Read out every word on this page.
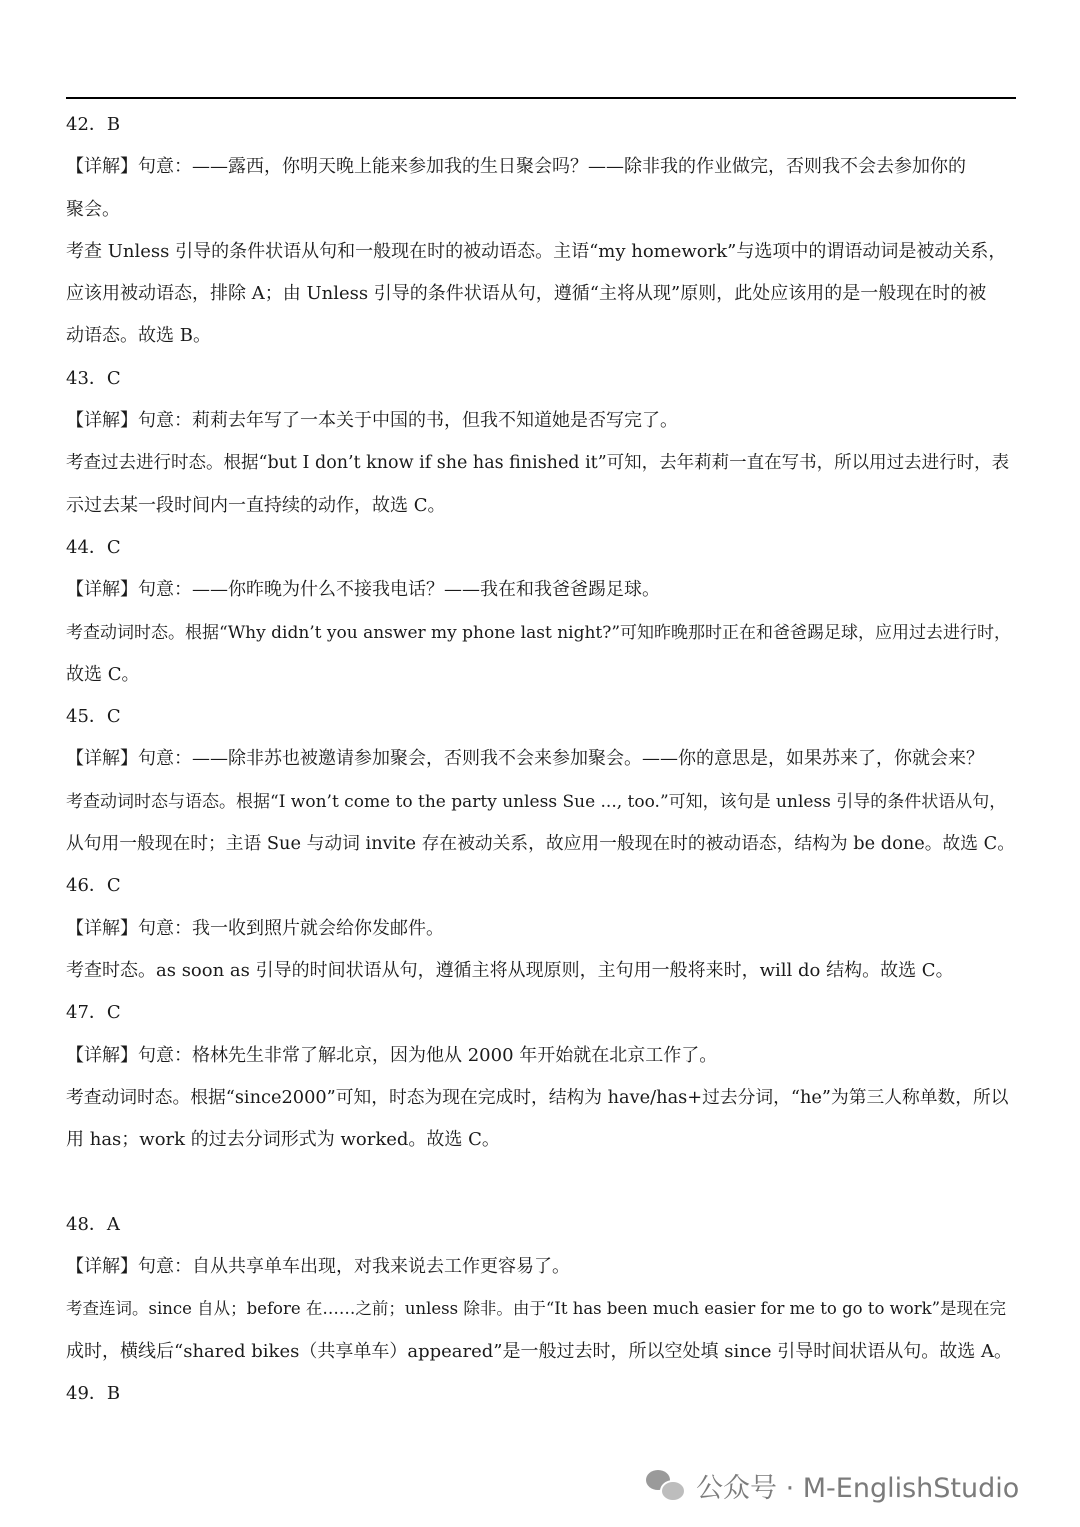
42．B
【详解】句意：——露西，你明天晚上能来参加我的生日聚会吗？——除非我的作业做完，否则我不会去参加你的
聚会。
考查 Unless 引导的条件状语从句和一般现在时的被动语态。主语“my homework”与选项中的谓语动词是被动关系，
应该用被动语态，排除 A；由 Unless 引导的条件状语从句，遵循“主将从现”原则，此处应该用的是一般现在时的被
动语态。故选 B。
43．C
【详解】句意：莉莉去年写了一本关于中国的书，但我不知道她是否写完了。
考查过去进行时态。根据“but I don’t know if she has finished it”可知，去年莉莉一直在写书，所以用过去进行时，表
示过去某一段时间内一直持续的动作，故选 C。
44．C
【详解】句意：——你昨晚为什么不接我电话？——我在和我爸爸踢足球。
考查动词时态。根据“Why didn’t you answer my phone last night?”可知昨晚那时正在和爸爸踢足球，应用过去进行时，
故选 C。
45．C
【详解】句意：——除非苏也被邀请参加聚会，否则我不会来参加聚会。——你的意思是，如果苏来了，你就会来？
考查动词时态与语态。根据“I won’t come to the party unless Sue ..., too.”可知，该句是 unless 引导的条件状语从句，
从句用一般现在时；主语 Sue 与动词 invite 存在被动关系，故应用一般现在时的被动语态，结构为 be done。故选 C。
46．C
【详解】句意：我一收到照片就会给你发邮件。
考查时态。as soon as 引导的时间状语从句，遵循主将从现原则，主句用一般将来时，will do 结构。故选 C。
47．C
【详解】句意：格林先生非常了解北京，因为他从 2000 年开始就在北京工作了。
考查动词时态。根据“since2000”可知，时态为现在完成时，结构为 have/has+过去分词，“he”为第三人称单数，所以
用 has；work 的过去分词形式为 worked。故选 C。
48．A
【详解】句意：自从共享单车出现，对我来说去工作更容易了。
考查连词。since 自从；before 在……之前；unless 除非。由于“It has been much easier for me to go to work”是现在完
成时，横线后“shared bikes（共享单车）appeared”是一般过去时，所以空处填 since 引导时间状语从句。故选 A。
49．B
公众号 · M-EnglishStudio
